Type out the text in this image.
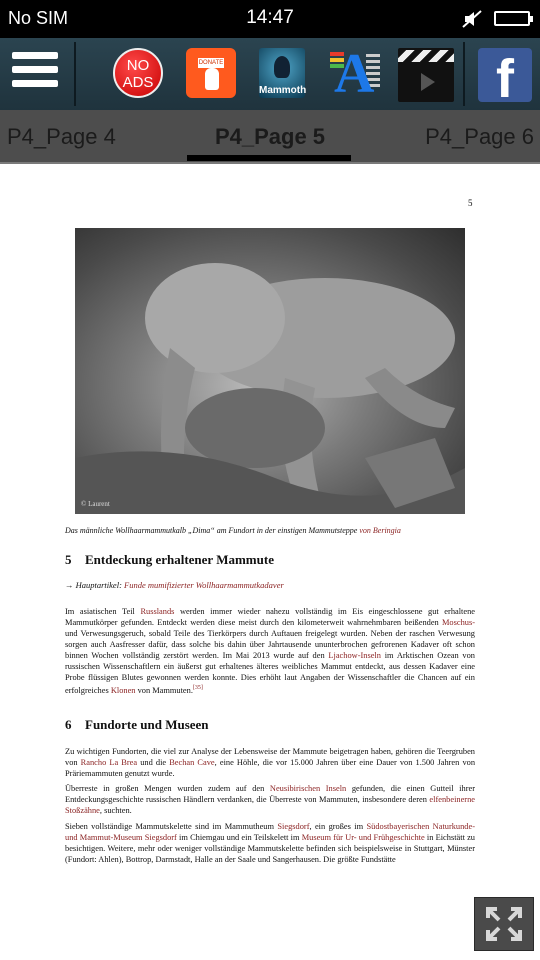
No SIM	14:47
NO
ADS
DONATE
Mammoth A	f
P4_Page 4	P4_Page 5	P4_Page 6
5
© Laurent
Das männliche Wollhaarmammutkalb „Dima“ am Fundort in der einstigen Mammutsteppe von Beringia
5 Entdeckung erhaltener Mammute
→ Hauptartikel: Funde mumifizierter Wollhaarmammutkadaver

Im asiatischen Teil Russlands werden immer wieder nahezu vollständig im Eis eingeschlossene gut erhaltene Mammutkörper gefunden. Entdeckt werden diese meist durch den kilometerweit wahrnehmbaren beißenden Moschus- und Verwesungsgeruch, sobald Teile des Tierkörpers durch Auftauen freigelegt wurden. Neben der raschen Verwesung sorgen auch Aasfresser dafür, dass solche bis dahin über Jahrtausende ununterbrochen gefrorenen Kadaver oft schon binnen Wochen vollständig zerstört werden. Im Mai 2013 wurde auf den Ljachow-Inseln im Arktischen Ozean von russischen Wissenschaftlern ein äußerst gut erhaltenes älteres weibliches Mammut entdeckt, aus dessen Kadaver eine Probe flüssigen Blutes gewonnen werden konnte. Dies erhöht laut Angaben der Wissenschaftler die Chancen auf ein erfolgreiches Klonen von Mammuten.[35]

6 Fundorte und Museen

Zu wichtigen Fundorten, die viel zur Analyse der Lebensweise der Mammute beigetragen haben, gehören die Teergruben von Rancho La Brea und die Bechan Cave, eine Höhle, die vor 15.000 Jahren über eine Dauer von 1.500 Jahren von Präriemammuten genutzt wurde.

Überreste in großen Mengen wurden zudem auf den Neusibirischen Inseln gefunden, die einen Gutteil ihrer Entdeckungsgeschichte russischen Händlern verdanken, die Überreste von Mammuten, insbesondere deren elfenbeinerne Stoßzähne, suchten.

Sieben vollständige Mammutskelette sind im Mammutheum Siegsdorf, ein großes im Südostbayerischen Naturkunde- und Mammut-Museum Siegsdorf im Chiemgau und ein Teilskelett im Museum für Ur- und Frühgeschichte in Eichstätt zu besichtigen. Weitere, mehr oder weniger vollständige Mammutskelette befinden sich beispielsweise in Stuttgart, Münster (Fundort: Ahlen), Bottrop, Darmstadt, Halle an der Saale und Sangerhausen. Die größte Fundstätte
